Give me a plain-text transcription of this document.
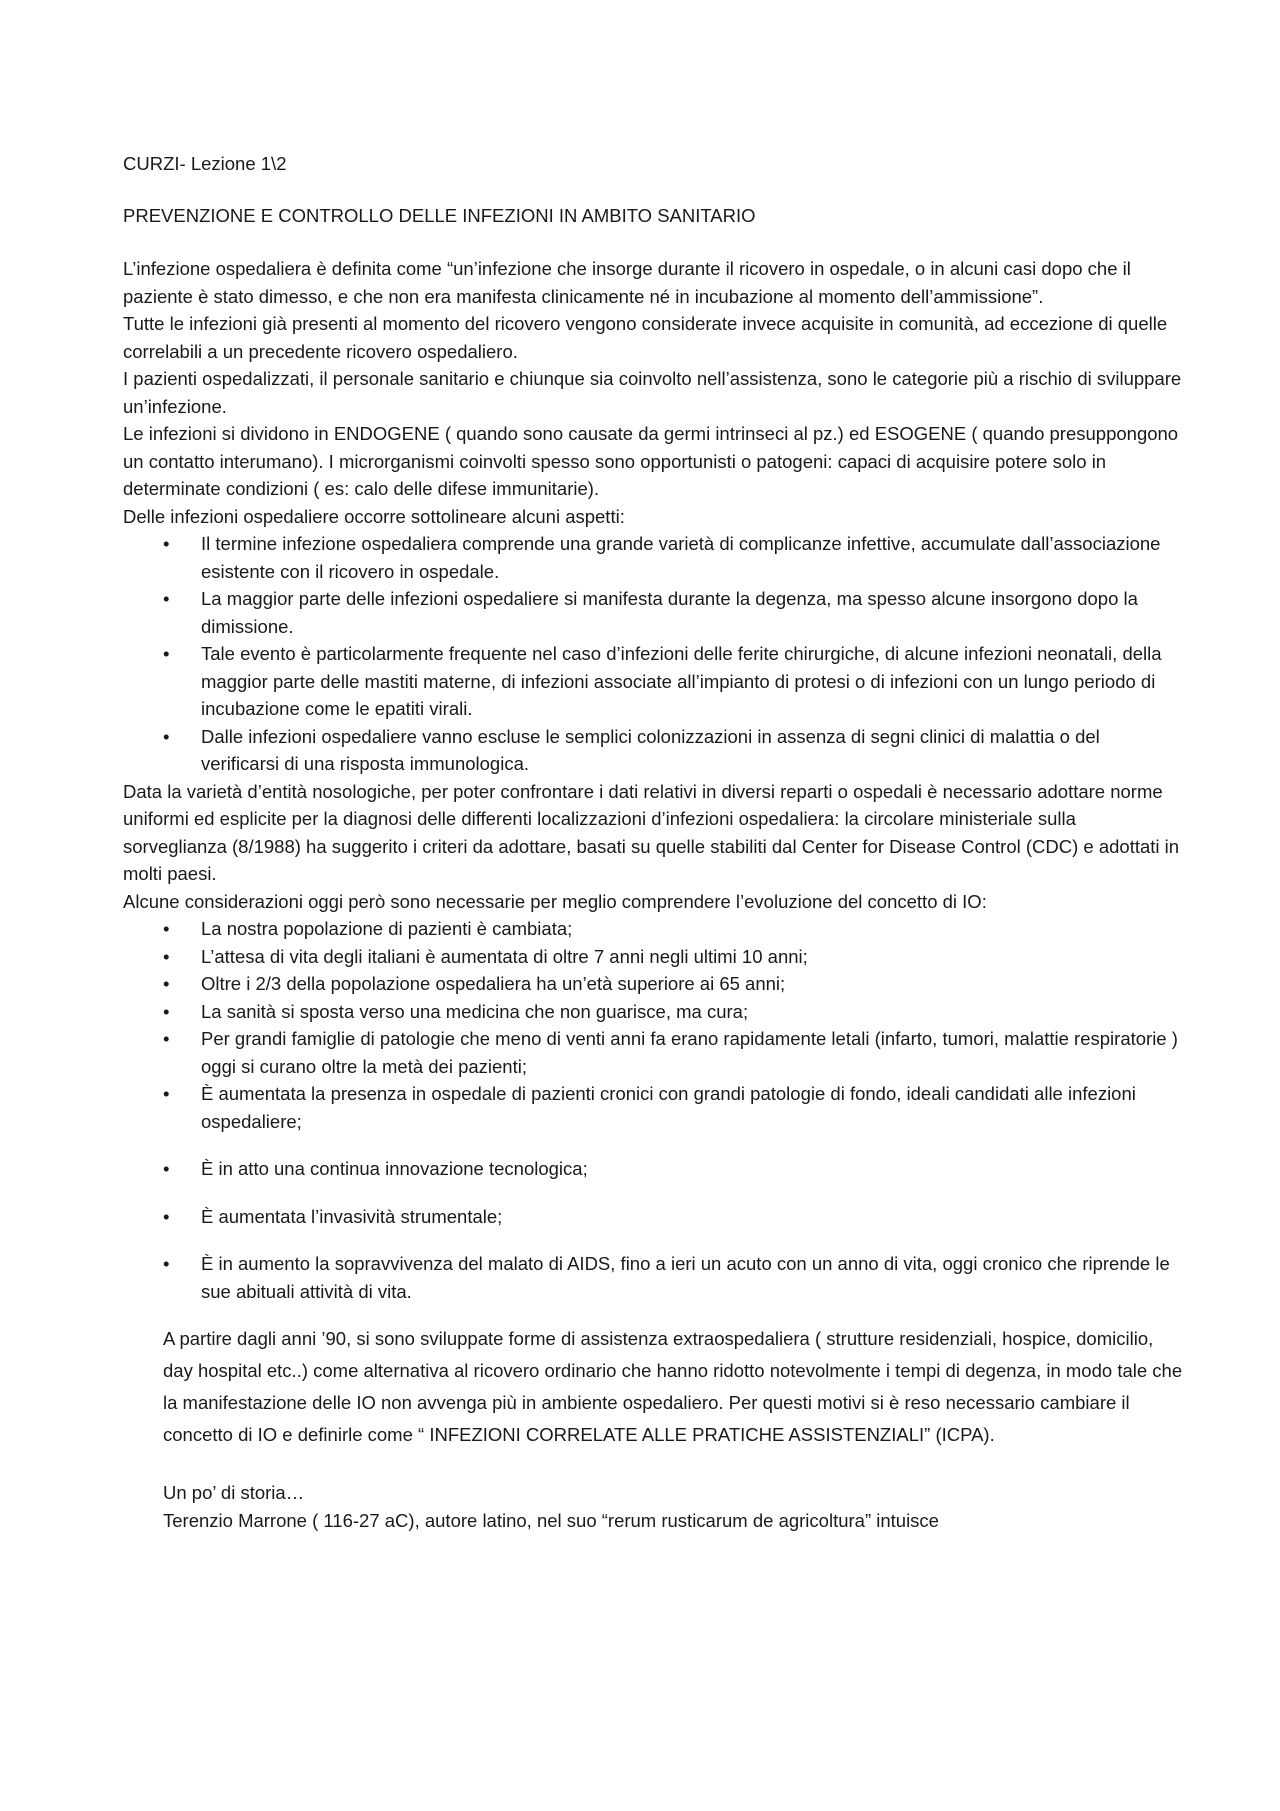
CURZI- Lezione 1\2

PREVENZIONE E CONTROLLO DELLE INFEZIONI IN AMBITO SANITARIO

L’infezione ospedaliera è definita come “un’infezione che insorge durante il ricovero in ospedale, o in alcuni casi dopo che il paziente è stato dimesso, e che non era manifesta clinicamente né in incubazione al momento dell’ammissione”.

Tutte le infezioni già presenti al momento del ricovero vengono considerate invece acquisite in comunità, ad eccezione di quelle correlabili a un precedente ricovero ospedaliero.

I pazienti ospedalizzati, il personale sanitario e chiunque sia coinvolto nell’assistenza, sono le categorie più a rischio di sviluppare un’infezione.

Le infezioni si dividono in ENDOGENE ( quando sono causate da germi intrinseci al pz.) ed ESOGENE ( quando presuppongono un contatto interumano). I microrganismi coinvolti spesso sono opportunisti o patogeni: capaci di acquisire potere solo in determinate condizioni ( es: calo delle difese immunitarie).

Delle infezioni ospedaliere occorre sottolineare alcuni aspetti:

• Il termine infezione ospedaliera comprende una grande varietà di complicanze infettive, accumulate dall’associazione esistente con il ricovero in ospedale.
• La maggior parte delle infezioni ospedaliere si manifesta durante la degenza, ma spesso alcune insorgono dopo la dimissione.
• Tale evento è particolarmente frequente nel caso d’infezioni delle ferite chirurgiche, di alcune infezioni neonatali, della maggior parte delle mastiti materne, di infezioni associate all’impianto di protesi o di infezioni con un lungo periodo di incubazione come le epatiti virali.
• Dalle infezioni ospedaliere vanno escluse le semplici colonizzazioni in assenza di segni clinici di malattia o del verificarsi di una risposta immunologica.

Data la varietà d’entità nosologiche, per poter confrontare i dati relativi in diversi reparti o ospedali è necessario adottare norme uniformi ed esplicite per la diagnosi delle differenti localizzazioni d’infezioni ospedaliera: la circolare ministeriale sulla sorveglianza (8/1988) ha suggerito i criteri da adottare, basati su quelle stabiliti dal Center for Disease Control (CDC) e adottati in molti paesi.

Alcune considerazioni oggi però sono necessarie per meglio comprendere l’evoluzione del concetto di IO:

• La nostra popolazione di pazienti è cambiata;
• L’attesa di vita degli italiani è aumentata di oltre 7 anni negli ultimi 10 anni;
• Oltre i 2/3 della popolazione ospedaliera ha un’età superiore ai 65 anni;
• La sanità si sposta verso una medicina che non guarisce, ma cura;
• Per grandi famiglie di patologie che meno di venti anni fa erano rapidamente letali (infarto, tumori, malattie respiratorie ) oggi si curano oltre la metà dei pazienti;
• È aumentata la presenza in ospedale di pazienti cronici con grandi patologie di fondo, ideali candidati alle infezioni ospedaliere;
• È in atto una continua innovazione tecnologica;
• È aumentata l’invasività strumentale;
• È in aumento la sopravvivenza del malato di AIDS, fino a ieri un acuto con un anno di vita, oggi cronico che riprende le sue abituali attività di vita.

A partire dagli anni ’90, si sono sviluppate forme di assistenza extraospedaliera ( strutture residenziali, hospice, domicilio, day hospital etc..) come alternativa al ricovero ordinario che hanno ridotto notevolmente i tempi di degenza, in modo tale che la manifestazione delle IO non avvenga più in ambiente ospedaliero. Per questi motivi si è reso necessario cambiare il concetto di IO e definirle come “ INFEZIONI CORRELATE ALLE PRATICHE ASSISTENZIALI” (ICPA).

Un po’ di storia…

Terenzio Marrone ( 116-27 aC), autore latino, nel suo “rerum rusticarum de agricoltura” intuisce
